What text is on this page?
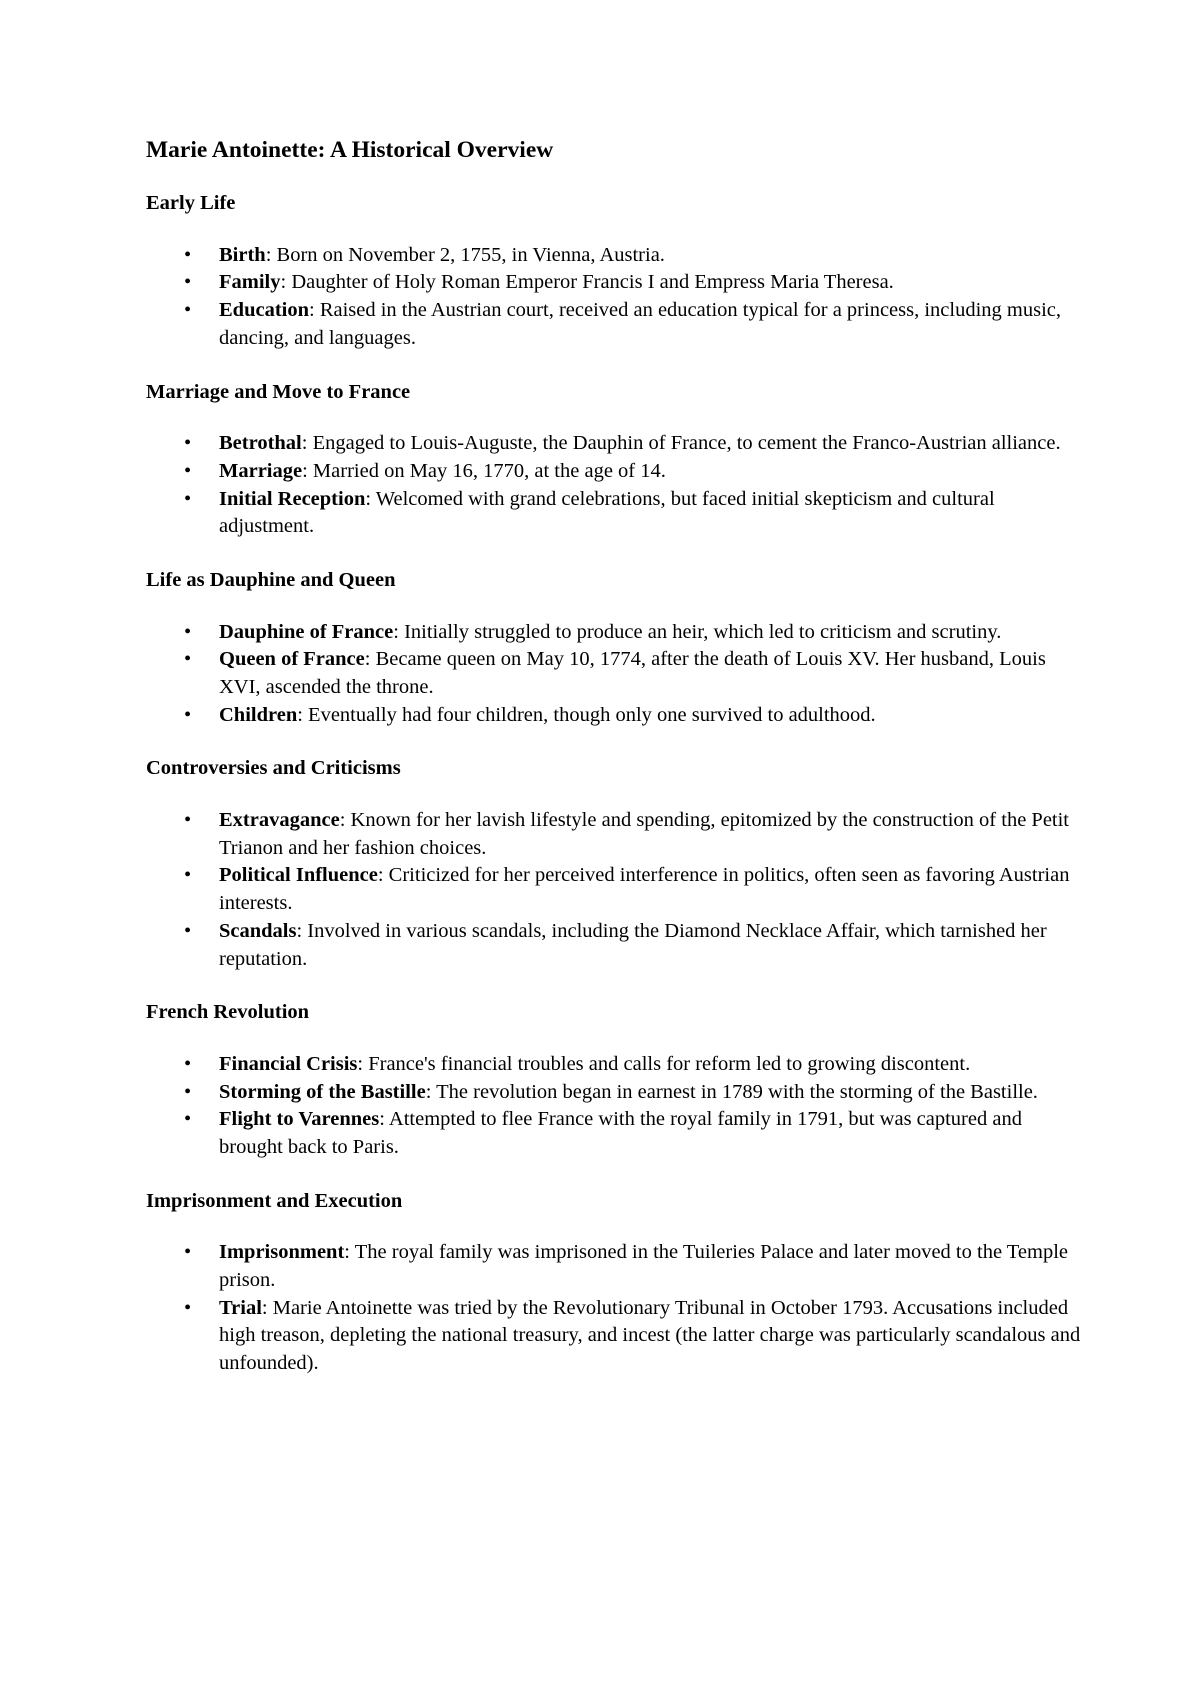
Marie Antoinette: A Historical Overview
Early Life
• Birth: Born on November 2, 1755, in Vienna, Austria.
• Family: Daughter of Holy Roman Emperor Francis I and Empress Maria Theresa.
• Education: Raised in the Austrian court, received an education typical for a princess, including music, dancing, and languages.
Marriage and Move to France
• Betrothal: Engaged to Louis-Auguste, the Dauphin of France, to cement the Franco-Austrian alliance.
• Marriage: Married on May 16, 1770, at the age of 14.
• Initial Reception: Welcomed with grand celebrations, but faced initial skepticism and cultural adjustment.
Life as Dauphine and Queen
• Dauphine of France: Initially struggled to produce an heir, which led to criticism and scrutiny.
• Queen of France: Became queen on May 10, 1774, after the death of Louis XV. Her husband, Louis XVI, ascended the throne.
• Children: Eventually had four children, though only one survived to adulthood.
Controversies and Criticisms
• Extravagance: Known for her lavish lifestyle and spending, epitomized by the construction of the Petit Trianon and her fashion choices.
• Political Influence: Criticized for her perceived interference in politics, often seen as favoring Austrian interests.
• Scandals: Involved in various scandals, including the Diamond Necklace Affair, which tarnished her reputation.
French Revolution
• Financial Crisis: France's financial troubles and calls for reform led to growing discontent.
• Storming of the Bastille: The revolution began in earnest in 1789 with the storming of the Bastille.
• Flight to Varennes: Attempted to flee France with the royal family in 1791, but was captured and brought back to Paris.
Imprisonment and Execution
• Imprisonment: The royal family was imprisoned in the Tuileries Palace and later moved to the Temple prison.
• Trial: Marie Antoinette was tried by the Revolutionary Tribunal in October 1793. Accusations included high treason, depleting the national treasury, and incest (the latter charge was particularly scandalous and unfounded).
